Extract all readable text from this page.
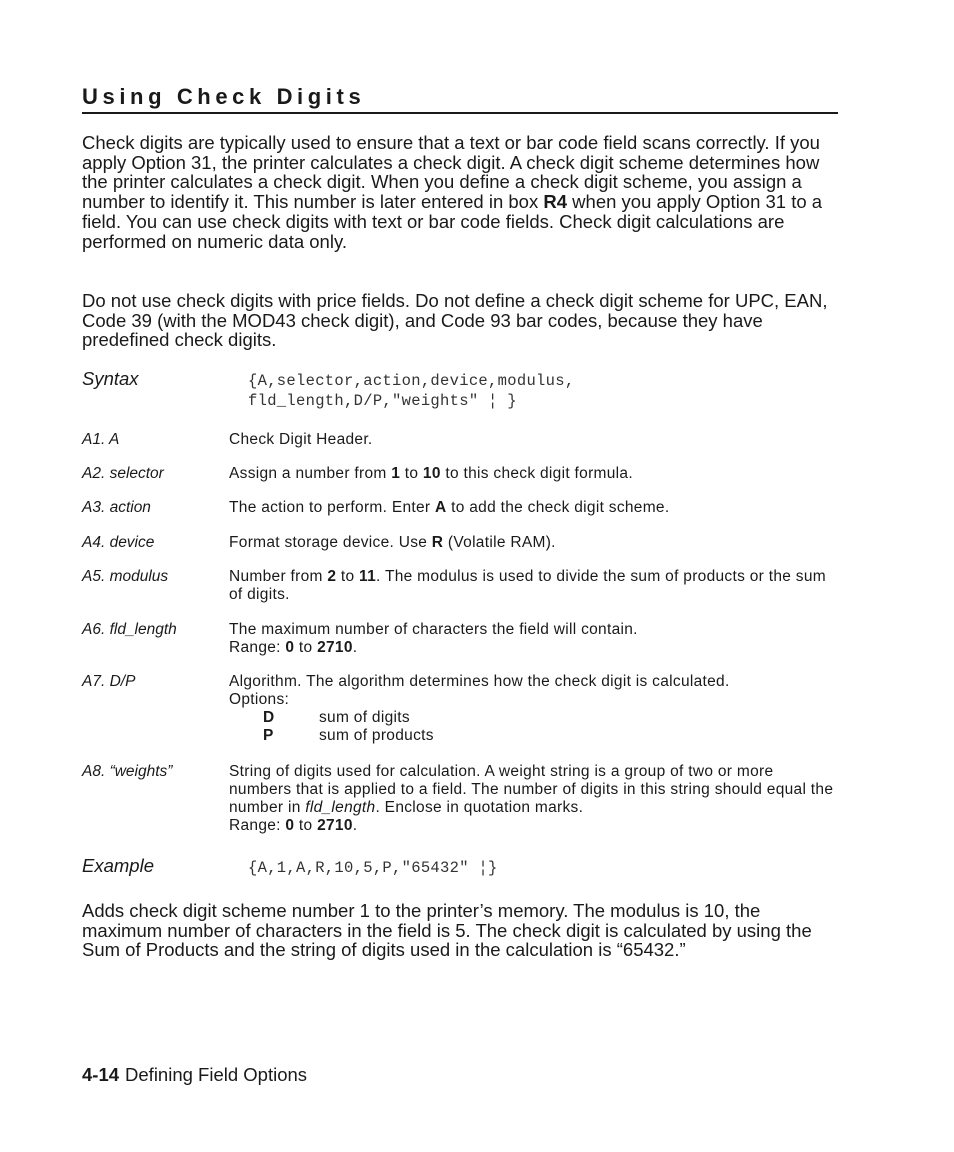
Using Check Digits

Check digits are typically used to ensure that a text or bar code field scans correctly. If you apply Option 31, the printer calculates a check digit. A check digit scheme determines how the printer calculates a check digit. When you define a check digit scheme, you assign a number to identify it. This number is later entered in box R4 when you apply Option 31 to a field. You can use check digits with text or bar code fields. Check digit calculations are performed on numeric data only.

Do not use check digits with price fields. Do not define a check digit scheme for UPC, EAN, Code 39 (with the MOD43 check digit), and Code 93 bar codes, because they have predefined check digits.

Syntax	{A,selector,action,device,modulus,
fld_length,D/P,"weights" ¦ }
A1. A	Check Digit Header.
A2. selector	Assign a number from 1 to 10 to this check digit formula.
A3. action	The action to perform. Enter A to add the check digit scheme.
A4. device	Format storage device. Use R (Volatile RAM).
A5. modulus	Number from 2 to 11. The modulus is used to divide the sum of products or the sum of digits.
A6. fld_length	The maximum number of characters the field will contain.
Range: 0 to 2710.
A7. D/P	Algorithm. The algorithm determines how the check digit is calculated.
Options:
D	sum of digits
P	sum of products
A8. “weights”	String of digits used for calculation. A weight string is a group of two or more numbers that is applied to a field. The number of digits in this string should equal the number in fld_length. Enclose in quotation marks.
Range: 0 to 2710.
Example	{A,1,A,R,10,5,P,"65432" ¦}

Adds check digit scheme number 1 to the printer’s memory. The modulus is 10, the maximum number of characters in the field is 5. The check digit is calculated by using the Sum of Products and the string of digits used in the calculation is “65432.”

4-14 Defining Field Options
